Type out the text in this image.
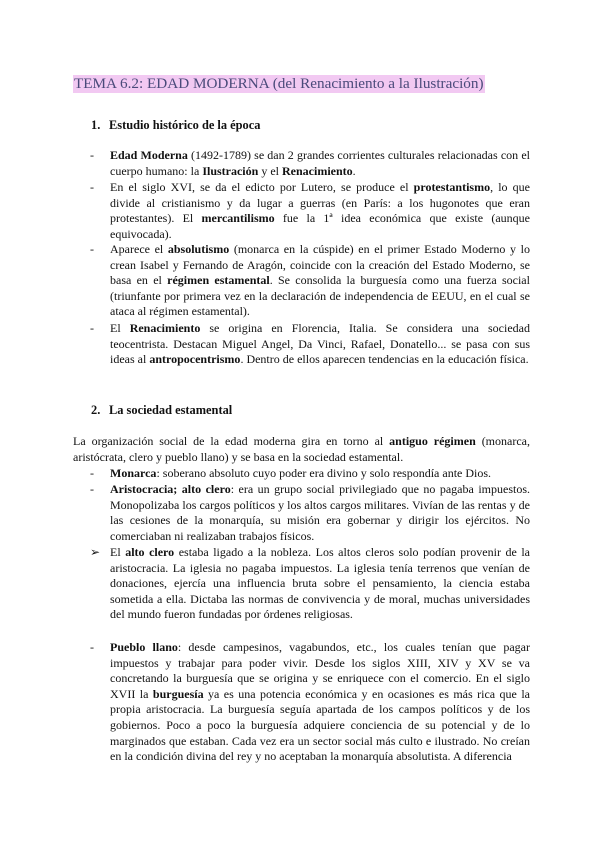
TEMA 6.2: EDAD MODERNA (del Renacimiento a la Ilustración)
1. Estudio histórico de la época
- Edad Moderna (1492-1789) se dan 2 grandes corrientes culturales relacionadas con el cuerpo humano: la Ilustración y el Renacimiento.
- En el siglo XVI, se da el edicto por Lutero, se produce el protestantismo, lo que divide al cristianismo y da lugar a guerras (en París: a los hugonotes que eran protestantes). El mercantilismo fue la 1ª idea económica que existe (aunque equivocada).
- Aparece el absolutismo (monarca en la cúspide) en el primer Estado Moderno y lo crean Isabel y Fernando de Aragón, coincide con la creación del Estado Moderno, se basa en el régimen estamental. Se consolida la burguesía como una fuerza social (triunfante por primera vez en la declaración de independencia de EEUU, en el cual se ataca al régimen estamental).
- El Renacimiento se origina en Florencia, Italia. Se considera una sociedad teocentrista. Destacan Miguel Angel, Da Vinci, Rafael, Donatello... se pasa con sus ideas al antropocentrismo. Dentro de ellos aparecen tendencias en la educación física.
2. La sociedad estamental

La organización social de la edad moderna gira en torno al antiguo régimen (monarca, aristócrata, clero y pueblo llano) y se basa en la sociedad estamental.

- Monarca: soberano absoluto cuyo poder era divino y solo respondía ante Dios.
- Aristocracia; alto clero: era un grupo social privilegiado que no pagaba impuestos. Monopolizaba los cargos políticos y los altos cargos militares. Vivían de las rentas y de las cesiones de la monarquía, su misión era gobernar y dirigir los ejércitos. No comerciaban ni realizaban trabajos físicos.
➢ El alto clero estaba ligado a la nobleza. Los altos cleros solo podían provenir de la aristocracia. La iglesia no pagaba impuestos. La iglesia tenía terrenos que venían de donaciones, ejercía una influencia bruta sobre el pensamiento, la ciencia estaba sometida a ella. Dictaba las normas de convivencia y de moral, muchas universidades del mundo fueron fundadas por órdenes religiosas.
- Pueblo llano: desde campesinos, vagabundos, etc., los cuales tenían que pagar impuestos y trabajar para poder vivir. Desde los siglos XIII, XIV y XV se va concretando la burguesía que se origina y se enriquece con el comercio. En el siglo XVII la burguesía ya es una potencia económica y en ocasiones es más rica que la propia aristocracia. La burguesía seguía apartada de los campos políticos y de los gobiernos. Poco a poco la burguesía adquiere conciencia de su potencial y de lo marginados que estaban. Cada vez era un sector social más culto e ilustrado. No creían en la condición divina del rey y no aceptaban la monarquía absolutista. A diferencia
